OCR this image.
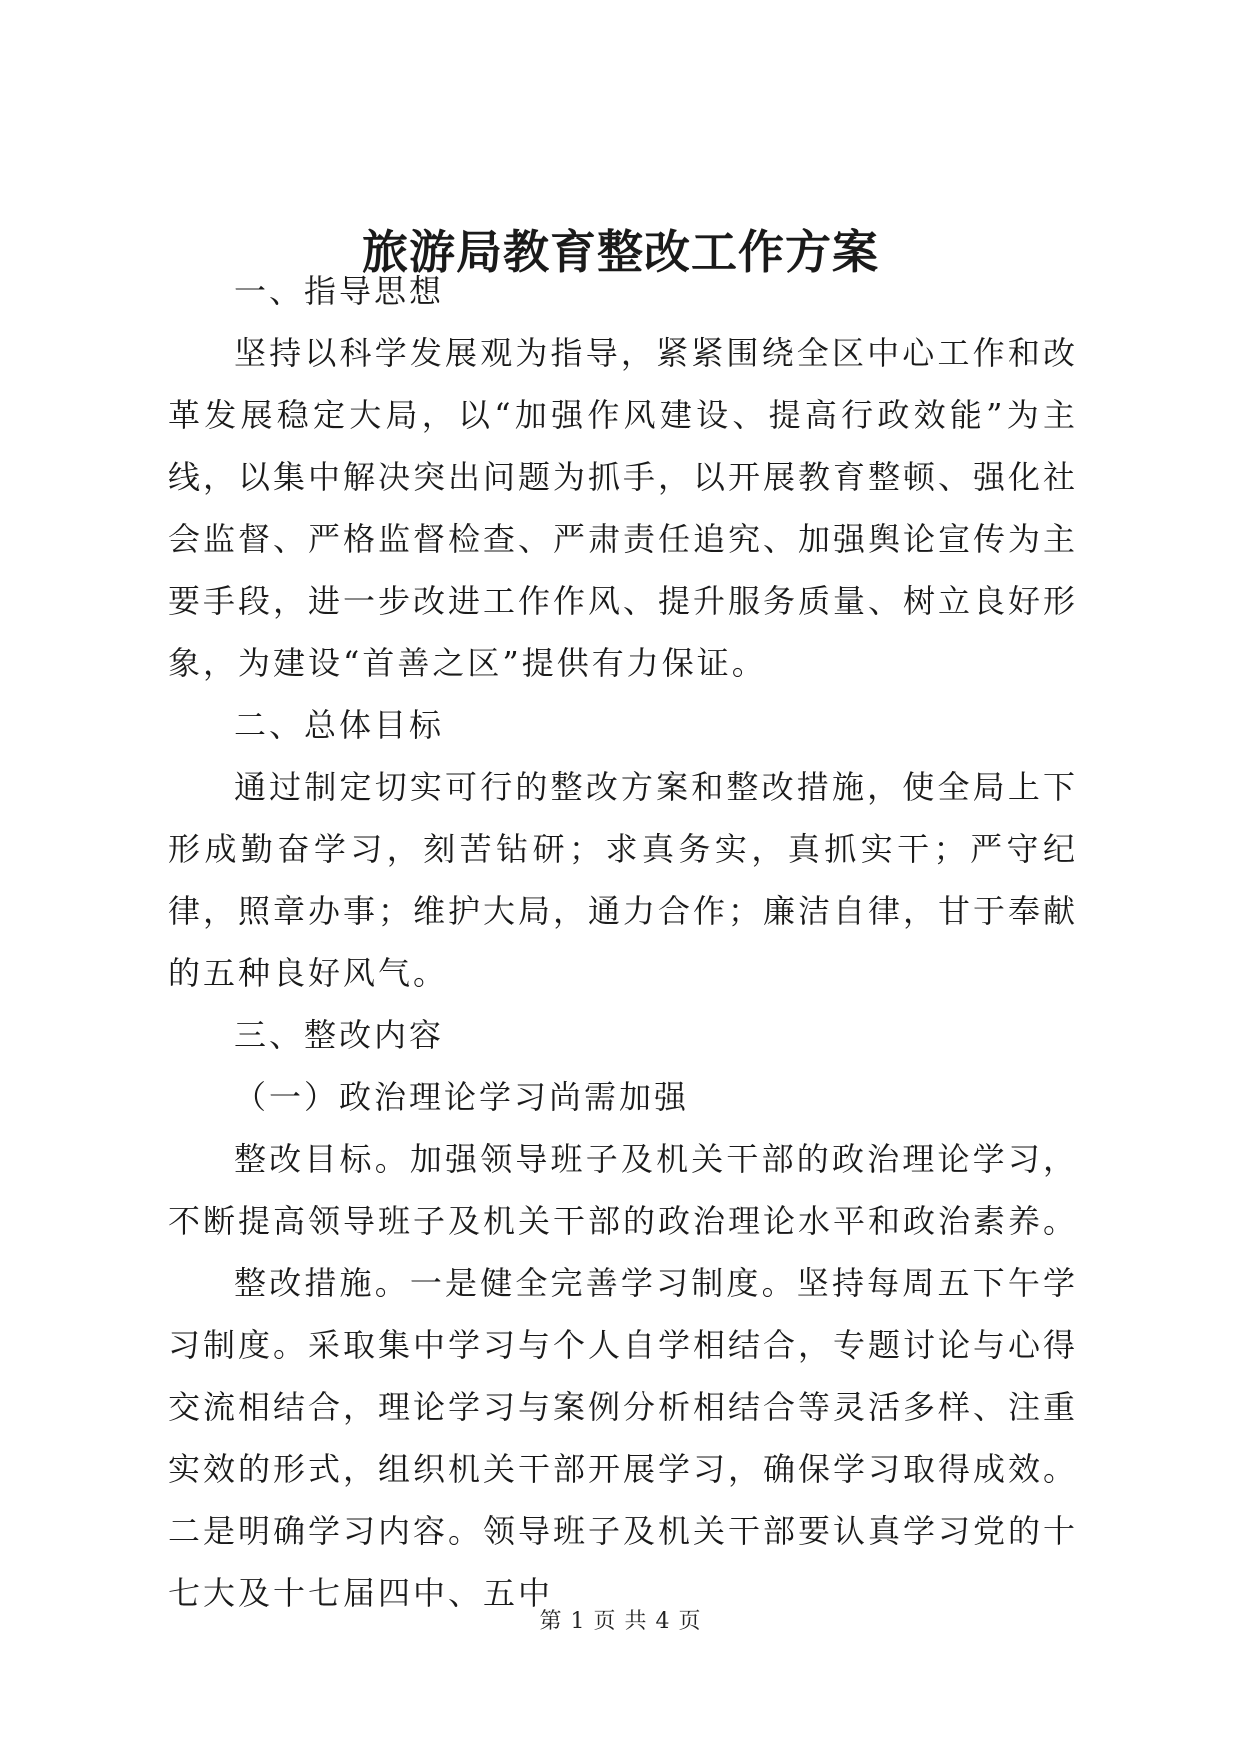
旅游局教育整改工作方案

一、指导思想

坚持以科学发展观为指导，紧紧围绕全区中心工作和改革发展稳定大局，以“加强作风建设、提高行政效能”为主线，以集中解决突出问题为抓手，以开展教育整顿、强化社会监督、严格监督检查、严肃责任追究、加强舆论宣传为主要手段，进一步改进工作作风、提升服务质量、树立良好形象，为建设“首善之区”提供有力保证。

二、总体目标

通过制定切实可行的整改方案和整改措施，使全局上下形成勤奋学习，刻苦钻研；求真务实，真抓实干；严守纪律，照章办事；维护大局，通力合作；廉洁自律，甘于奉献的五种良好风气。

三、整改内容

（一）政治理论学习尚需加强

整改目标。加强领导班子及机关干部的政治理论学习，不断提高领导班子及机关干部的政治理论水平和政治素养。

整改措施。一是健全完善学习制度。坚持每周五下午学习制度。采取集中学习与个人自学相结合，专题讨论与心得交流相结合，理论学习与案例分析相结合等灵活多样、注重实效的形式，组织机关干部开展学习，确保学习取得成效。二是明确学习内容。领导班子及机关干部要认真学习党的十七大及十七届四中、五中

第 1 页 共 4 页
